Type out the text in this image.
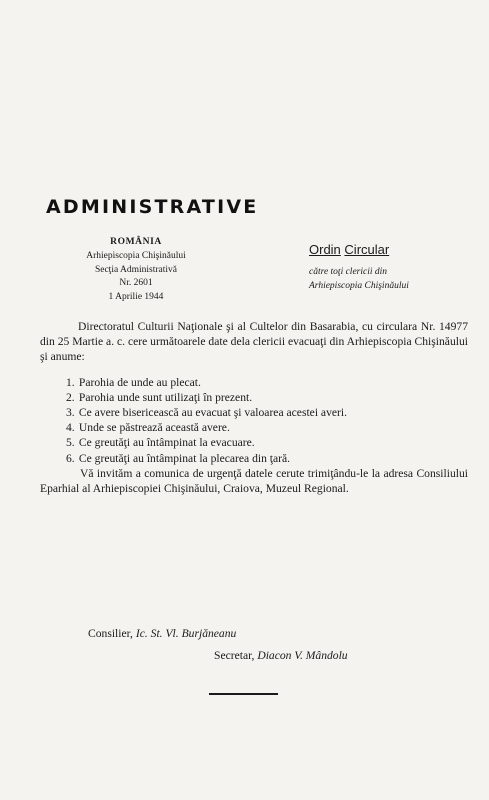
ADMINISTRATIVE
ROMÂNIA
Arhiepiscopia Chişinăului
Secţia Administrativă
Nr. 2601
1 Aprilie 1944
Ordin Circular
către toţi clericii din
Arhiepiscopia Chişinăului

Directoratul Culturii Naţionale şi al Cultelor din Basarabia, cu circulara Nr. 14977 din 25 Martie a. c. cere următoarele date dela clericii evacuaţi din Arhiepiscopia Chişinăului şi anume:

1. Parohia de unde au plecat.
2. Parohia unde sunt utilizaţi în prezent.
3. Ce avere bisericească au evacuat şi valoarea acestei averi.
4. Unde se păstrează această avere.
5. Ce greutăţi au întâmpinat la evacuare.
6. Ce greutăţi au întâmpinat la plecarea din ţară.

Vă invităm a comunica de urgenţă datele cerute trimiţându-le la adresa Consiliului Eparhial al Arhiepiscopiei Chişinăului, Craiova, Muzeul Regional.

Consilier, Ic. St. Vl. Burjăneanu
Secretar, Diacon V. Mândolu
